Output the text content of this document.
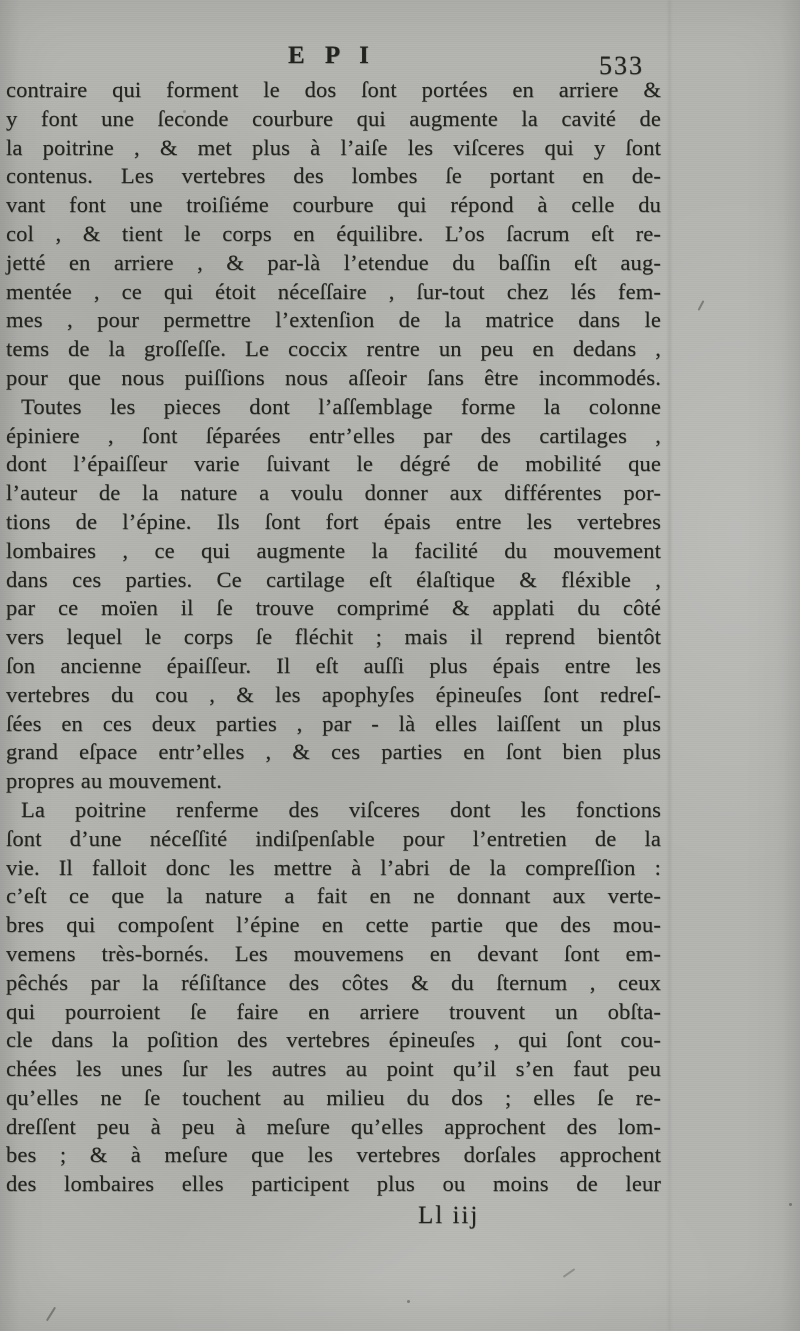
E P I	533
contraire qui forment le dos ſont portées en arriere &
y font une ſeconde courbure qui augmente la cavité de
la poitrine , & met plus à l’aiſe les viſceres qui y ſont
contenus. Les vertebres des lombes ſe portant en de-
vant font une troiſiéme courbure qui répond à celle du
col , & tient le corps en équilibre. L’os ſacrum eſt re-
jetté en arriere , & par-là l’etendue du baſſin eſt aug-
mentée , ce qui étoit néceſſaire , ſur-tout chez lés fem-
mes , pour permettre l’extenſion de la matrice dans le
tems de la groſſeſſe. Le coccix rentre un peu en dedans ,
pour que nous puiſſions nous aſſeoir ſans être incommodés.
Toutes les pieces dont l’aſſemblage forme la colonne
épiniere , ſont ſéparées entr’elles par des cartilages ,
dont l’épaiſſeur varie ſuivant le dégré de mobilité que
l’auteur de la nature a voulu donner aux différentes por-
tions de l’épine. Ils ſont fort épais entre les vertebres
lombaires , ce qui augmente la facilité du mouvement
dans ces parties. Ce cartilage eſt élaſtique & fléxible ,
par ce moïen il ſe trouve comprimé & applati du côté
vers lequel le corps ſe fléchit ; mais il reprend bientôt
ſon ancienne épaiſſeur. Il eſt auſſi plus épais entre les
vertebres du cou , & les apophyſes épineuſes ſont redreſ-
ſées en ces deux parties , par - là elles laiſſent un plus
grand eſpace entr’elles , & ces parties en ſont bien plus
propres au mouvement.
La poitrine renferme des viſceres dont les fonctions
ſont d’une néceſſité indiſpenſable pour l’entretien de la
vie. Il falloit donc les mettre à l’abri de la compreſſion :
c’eſt ce que la nature a fait en ne donnant aux verte-
bres qui compoſent l’épine en cette partie que des mou-
vemens très-bornés. Les mouvemens en devant ſont em-
pêchés par la réſiſtance des côtes & du ſternum , ceux
qui pourroient ſe faire en arriere trouvent un obſta-
cle dans la poſition des vertebres épineuſes , qui ſont cou-
chées les unes ſur les autres au point qu’il s’en faut peu
qu’elles ne ſe touchent au milieu du dos ; elles ſe re-
dreſſent peu à peu à meſure qu’elles approchent des lom-
bes ; & à meſure que les vertebres dorſales approchent
des lombaires elles participent plus ou moins de leur
Ll iij
